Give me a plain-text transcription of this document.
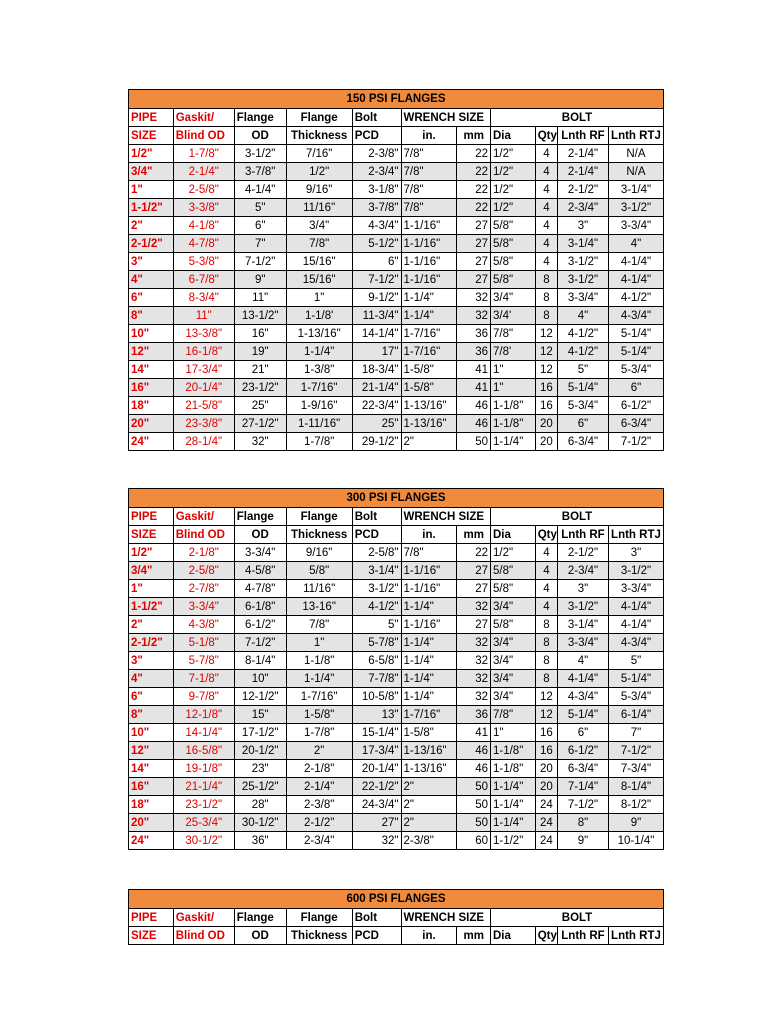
150 PSI FLANGES										
PIPE	Gaskit/	Flange	Flange	Bolt	WRENCH SIZE		BOLT			
SIZE	Blind OD	OD	Thickness	PCD	in.	mm	Dia	Qty	Lnth RF	Lnth RTJ
1/2"	1-7/8"	3-1/2"	7/16"	2-3/8"	7/8"	22	1/2"	4	2-1/4"	N/A
3/4"	2-1/4"	3-7/8"	1/2"	2-3/4"	7/8"	22	1/2"	4	2-1/4"	N/A
1"	2-5/8"	4-1/4"	9/16"	3-1/8"	7/8"	22	1/2"	4	2-1/2"	3-1/4"
1-1/2"	3-3/8"	5"	11/16"	3-7/8"	7/8"	22	1/2"	4	2-3/4"	3-1/2"
2"	4-1/8"	6"	3/4"	4-3/4"	1-1/16"	27	5/8"	4	3"	3-3/4"
2-1/2"	4-7/8"	7"	7/8"	5-1/2"	1-1/16"	27	5/8"	4	3-1/4"	4"
3"	5-3/8"	7-1/2"	15/16"	6"	1-1/16"	27	5/8"	4	3-1/2"	4-1/4"
4"	6-7/8"	9"	15/16"	7-1/2"	1-1/16"	27	5/8"	8	3-1/2"	4-1/4"
6"	8-3/4"	11"	1"	9-1/2"	1-1/4"	32	3/4"	8	3-3/4"	4-1/2"
8"	11"	13-1/2"	1-1/8'	11-3/4"	1-1/4"	32	3/4'	8	4"	4-3/4"
10"	13-3/8"	16"	1-13/16"	14-1/4"	1-7/16"	36	7/8"	12	4-1/2"	5-1/4"
12"	16-1/8"	19"	1-1/4"	17"	1-7/16"	36	7/8'	12	4-1/2"	5-1/4"
14"	17-3/4"	21"	1-3/8"	18-3/4"	1-5/8"	41	1"	12	5"	5-3/4"
16"	20-1/4"	23-1/2"	1-7/16"	21-1/4"	1-5/8"	41	1"	16	5-1/4"	6"
18"	21-5/8"	25"	1-9/16"	22-3/4"	1-13/16"	46	1-1/8"	16	5-3/4"	6-1/2"
20"	23-3/8"	27-1/2"	1-11/16"	25"	1-13/16"	46	1-1/8"	20	6"	6-3/4"
24"	28-1/4"	32"	1-7/8"	29-1/2"	2"	50	1-1/4"	20	6-3/4"	7-1/2"
300 PSI FLANGES										
PIPE	Gaskit/	Flange	Flange	Bolt	WRENCH SIZE		BOLT			
SIZE	Blind OD	OD	Thickness	PCD	in.	mm	Dia	Qty	Lnth RF	Lnth RTJ
1/2"	2-1/8"	3-3/4"	9/16"	2-5/8"	7/8"	22	1/2"	4	2-1/2"	3"
3/4"	2-5/8"	4-5/8"	5/8"	3-1/4"	1-1/16"	27	5/8"	4	2-3/4"	3-1/2"
1"	2-7/8"	4-7/8"	11/16"	3-1/2"	1-1/16"	27	5/8"	4	3"	3-3/4"
1-1/2"	3-3/4"	6-1/8"	13-16"	4-1/2"	1-1/4"	32	3/4"	4	3-1/2"	4-1/4"
2"	4-3/8"	6-1/2"	7/8"	5"	1-1/16"	27	5/8"	8	3-1/4"	4-1/4"
2-1/2"	5-1/8"	7-1/2"	1"	5-7/8"	1-1/4"	32	3/4"	8	3-3/4"	4-3/4"
3"	5-7/8"	8-1/4"	1-1/8"	6-5/8"	1-1/4"	32	3/4"	8	4"	5"
4"	7-1/8"	10"	1-1/4"	7-7/8"	1-1/4"	32	3/4"	8	4-1/4"	5-1/4"
6"	9-7/8"	12-1/2"	1-7/16"	10-5/8"	1-1/4"	32	3/4"	12	4-3/4"	5-3/4"
8"	12-1/8"	15"	1-5/8"	13"	1-7/16"	36	7/8"	12	5-1/4"	6-1/4"
10"	14-1/4"	17-1/2"	1-7/8"	15-1/4"	1-5/8"	41	1"	16	6"	7"
12"	16-5/8"	20-1/2"	2"	17-3/4"	1-13/16"	46	1-1/8"	16	6-1/2"	7-1/2"
14"	19-1/8"	23"	2-1/8"	20-1/4"	1-13/16"	46	1-1/8"	20	6-3/4"	7-3/4"
16"	21-1/4"	25-1/2"	2-1/4"	22-1/2"	2"	50	1-1/4"	20	7-1/4"	8-1/4"
18"	23-1/2"	28"	2-3/8"	24-3/4"	2"	50	1-1/4"	24	7-1/2"	8-1/2"
20"	25-3/4"	30-1/2"	2-1/2"	27"	2"	50	1-1/4"	24	8"	9"
24"	30-1/2"	36"	2-3/4"	32"	2-3/8"	60	1-1/2"	24	9"	10-1/4"
600 PSI FLANGES										
PIPE	Gaskit/	Flange	Flange	Bolt	WRENCH SIZE		BOLT			
SIZE	Blind OD	OD	Thickness	PCD	in.	mm	Dia	Qty	Lnth RF	Lnth RTJ
